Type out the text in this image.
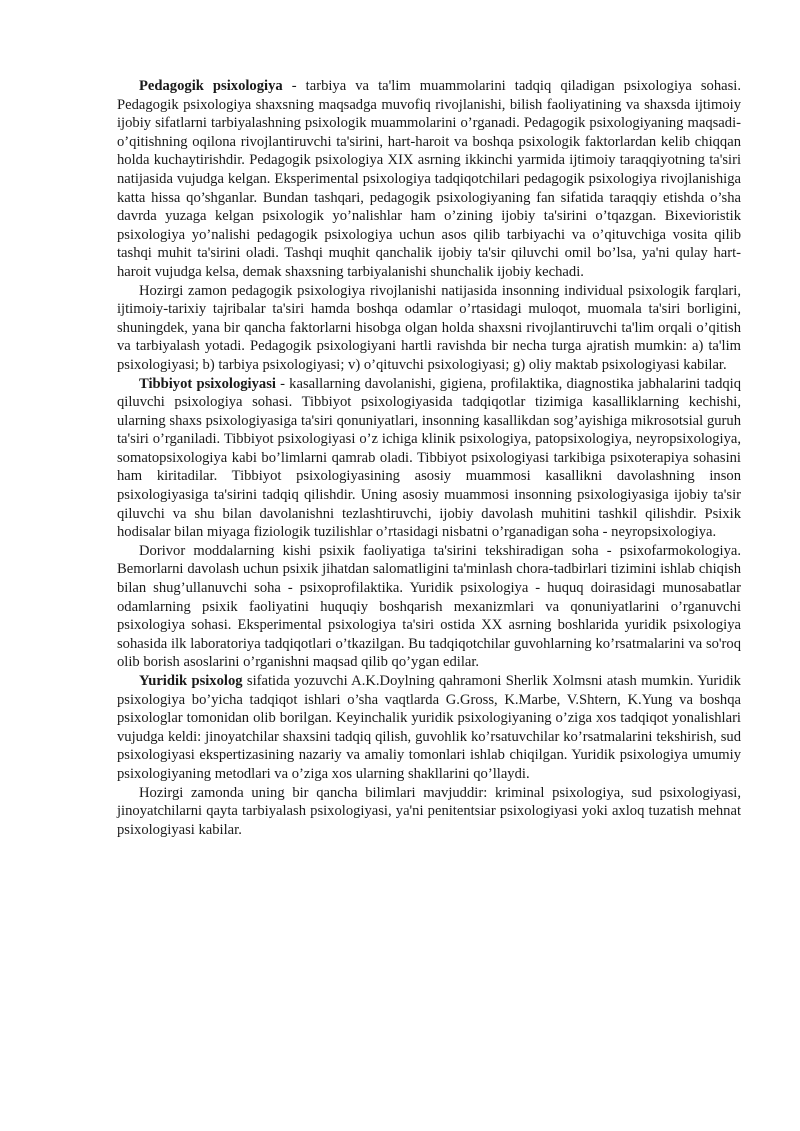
Pedagogik psixologiya - tarbiya va ta'lim muammolarini tadqiq qiladigan psixologiya sohasi. Pedagogik psixologiya shaxsning maqsadga muvofiq rivojlanishi, bilish faoliyatining va shaxsda ijtimoiy ijobiy sifatlarni tarbiyalashning psixologik muammolarini o’rganadi. Pedagogik psixologiyaning maqsadi- o’qitishning oqilona rivojlantiruvchi ta'sirini, hart-haroit va boshqa psixologik faktorlardan kelib chiqqan holda kuchaytirishdir. Pedagogik psixologiya XIX asrning ikkinchi yarmida ijtimoiy taraqqiyotning ta'siri natijasida vujudga kelgan. Eksperimental psixologiya tadqiqotchilari pedagogik psixologiya rivojlanishiga katta hissa qo’shganlar. Bundan tashqari, pedagogik psixologiyaning fan sifatida taraqqiy etishda o’sha davrda yuzaga kelgan psixologik yo’nalishlar ham o’zining ijobiy ta'sirini o’tqazgan. Bixevioristik psixologiya yo’nalishi pedagogik psixologiya uchun asos qilib tarbiyachi va o’qituvchiga vosita qilib tashqi muhit ta'sirini oladi. Tashqi muqhit qanchalik ijobiy ta'sir qiluvchi omil bo’lsa, ya'ni qulay hart-haroit vujudga kelsa, demak shaxsning tarbiyalanishi shunchalik ijobiy kechadi.

Hozirgi zamon pedagogik psixologiya rivojlanishi natijasida insonning individual psixologik farqlari, ijtimoiy-tarixiy tajribalar ta'siri hamda boshqa odamlar o’rtasidagi muloqot, muomala ta'siri borligini, shuningdek, yana bir qancha faktorlarni hisobga olgan holda shaxsni rivojlantiruvchi ta'lim orqali o’qitish va tarbiyalash yotadi. Pedagogik psixologiyani hartli ravishda bir necha turga ajratish mumkin: a) ta'lim psixologiyasi; b) tarbiya psixologiyasi; v) o’qituvchi psixologiyasi; g) oliy maktab psixologiyasi kabilar.

Tibbiyot psixologiyasi - kasallarning davolanishi, gigiena, profilaktika, diagnostika jabhalarini tadqiq qiluvchi psixologiya sohasi. Tibbiyot psixologiyasida tadqiqotlar tizimiga kasalliklarning kechishi, ularning shaxs psixologiyasiga ta'siri qonuniyatlari, insonning kasallikdan sog’ayishiga mikrosotsial guruh ta'siri o’rganiladi. Tibbiyot psixologiyasi o’z ichiga klinik psixologiya, patopsixologiya, neyropsixologiya, somatopsixologiya kabi bo’limlarni qamrab oladi. Tibbiyot psixologiyasi tarkibiga psixoterapiya sohasini ham kiritadilar. Tibbiyot psixologiyasining asosiy muammosi kasallikni davolashning inson psixologiyasiga ta'sirini tadqiq qilishdir. Uning asosiy muammosi insonning psixologiyasiga ijobiy ta'sir qiluvchi va shu bilan davolanishni tezlashtiruvchi, ijobiy davolash muhitini tashkil qilishdir. Psixik hodisalar bilan miyaga fiziologik tuzilishlar o’rtasidagi nisbatni o’rganadigan soha - neyropsixologiya.

Dorivor moddalarning kishi psixik faoliyatiga ta'sirini tekshiradigan soha - psixofarmokologiya. Bemorlarni davolash uchun psixik jihatdan salomatligini ta'minlash chora-tadbirlari tizimini ishlab chiqish bilan shug’ullanuvchi soha - psixoprofilaktika. Yuridik psixologiya - huquq doirasidagi munosabatlar odamlarning psixik faoliyatini huquqiy boshqarish mexanizmlari va qonuniyatlarini o’rganuvchi psixologiya sohasi. Eksperimental psixologiya ta'siri ostida XX asrning boshlarida yuridik psixologiya sohasida ilk laboratoriya tadqiqotlari o’tkazilgan. Bu tadqiqotchilar guvohlarning ko’rsatmalarini va so'roq olib borish asoslarini o’rganishni maqsad qilib qo’ygan edilar.

Yuridik psixolog sifatida yozuvchi A.K.Doylning qahramoni Sherlik Xolmsni atash mumkin. Yuridik psixologiya bo’yicha tadqiqot ishlari o’sha vaqtlarda G.Gross, K.Marbe, V.Shtern, K.Yung va boshqa psixologlar tomonidan olib borilgan. Keyinchalik yuridik psixologiyaning o’ziga xos tadqiqot yonalishlari vujudga keldi: jinoyatchilar shaxsini tadqiq qilish, guvohlik ko’rsatuvchilar ko’rsatmalarini tekshirish, sud psixologiyasi ekspertizasining nazariy va amaliy tomonlari ishlab chiqilgan. Yuridik psixologiya umumiy psixologiyaning metodlari va o’ziga xos ularning shakllarini qo’llaydi.

Hozirgi zamonda uning bir qancha bilimlari mavjuddir: kriminal psixologiya, sud psixologiyasi, jinoyatchilarni qayta tarbiyalash psixologiyasi, ya'ni penitentsiar psixologiyasi yoki axloq tuzatish mehnat psixologiyasi kabilar.
